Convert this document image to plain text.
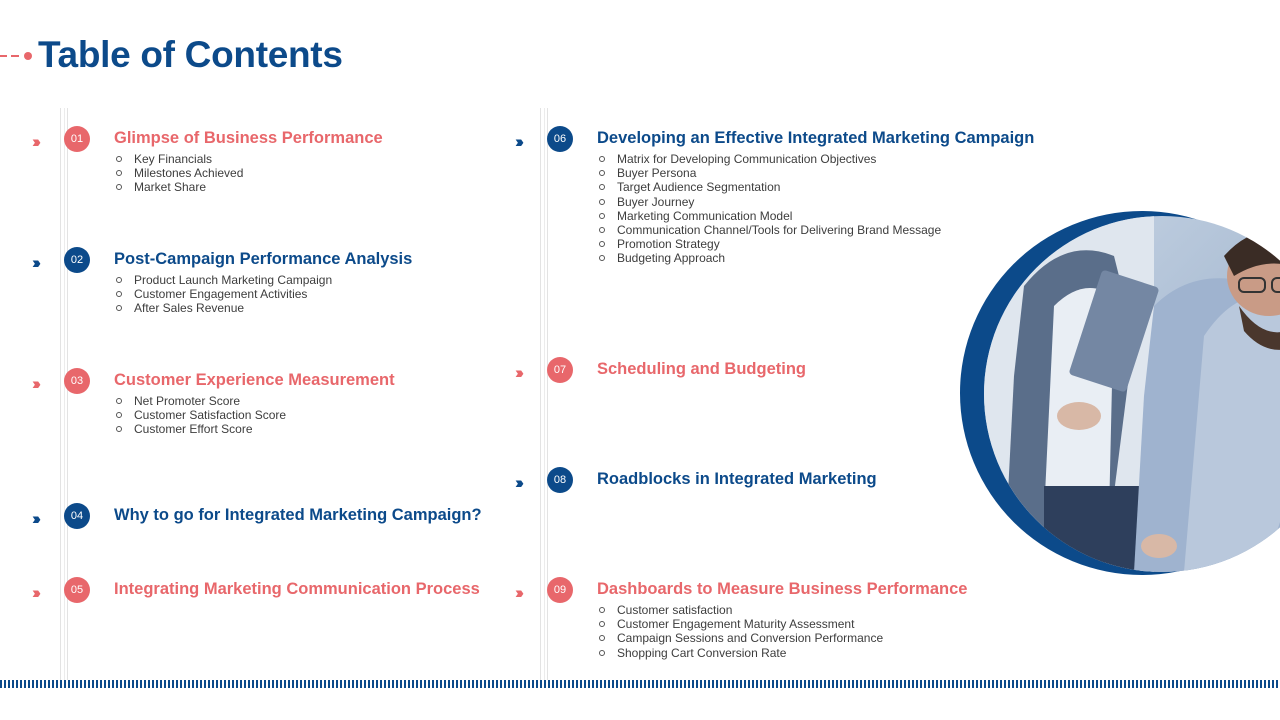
Table of Contents
›››	01	Glimpse of Business Performance
Key Financials
Milestones Achieved
Market Share
›››	02	Post-Campaign Performance Analysis
Product Launch Marketing Campaign
Customer Engagement Activities
After Sales Revenue
›››	03	Customer Experience Measurement
Net Promoter Score
Customer Satisfaction Score
Customer Effort Score
›››	04	Why to go for Integrated Marketing Campaign?
›››	05	Integrating Marketing Communication Process
›››	06	Developing an Effective Integrated Marketing Campaign
Matrix for Developing Communication Objectives
Buyer Persona
Target Audience Segmentation
Buyer Journey
Marketing Communication Model
Communication Channel/Tools for Delivering Brand Message
Promotion Strategy
Budgeting Approach
›››	07	Scheduling and Budgeting
›››	08	Roadblocks in Integrated Marketing
›››	09	Dashboards to Measure Business Performance
Customer satisfaction
Customer Engagement Maturity Assessment
Campaign Sessions and Conversion Performance
Shopping Cart Conversion Rate
